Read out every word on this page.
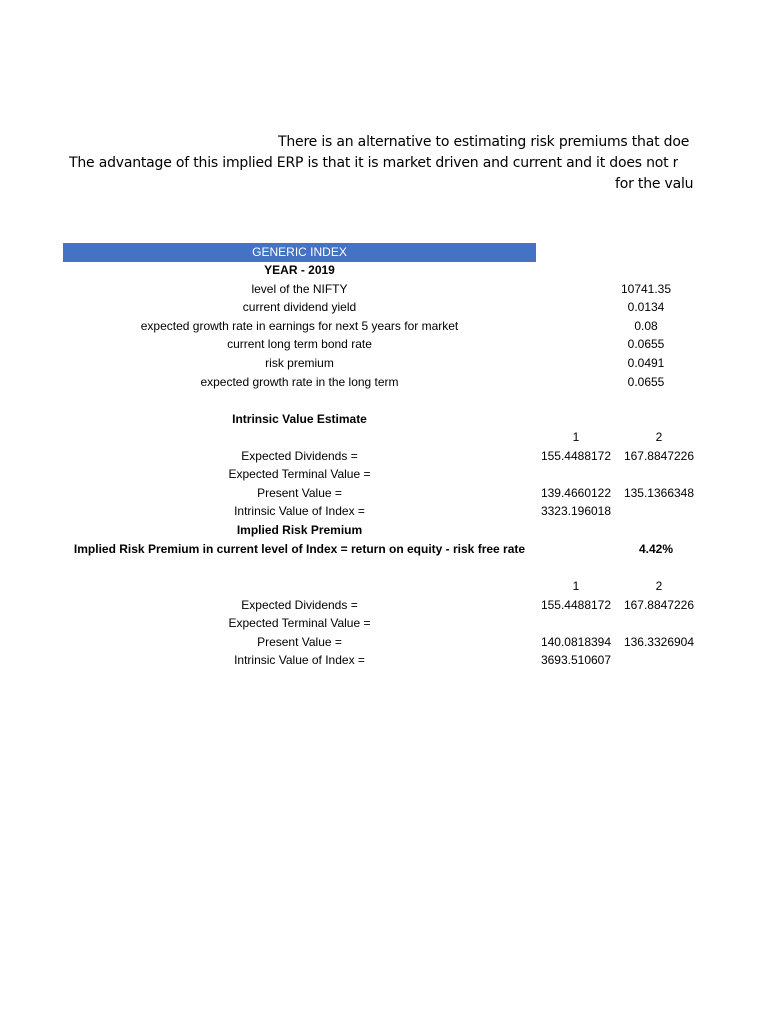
There is an alternative to estimating risk premiums that doe
The advantage of this implied ERP is that it is market driven and current and it does not r
for the valu
GENERIC INDEX
YEAR - 2019
level of the NIFTY	10741.35
current dividend yield	0.0134
expected growth rate in earnings for next 5 years for market	0.08
current long term bond rate	0.0655
risk premium	0.0491
expected growth rate in the long term	0.0655
Intrinsic Value Estimate
1	2
Expected Dividends =	155.4488172	167.8847226
Expected Terminal Value =
Present Value =	139.4660122	135.1366348
Intrinsic Value of Index =	3323.196018
Implied Risk Premium
Implied Risk Premium in current level of Index = return on equity - risk free rate	4.42%
1	2
Expected Dividends =	155.4488172	167.8847226
Expected Terminal Value =
Present Value =	140.0818394	136.3326904
Intrinsic Value of Index =	3693.510607
